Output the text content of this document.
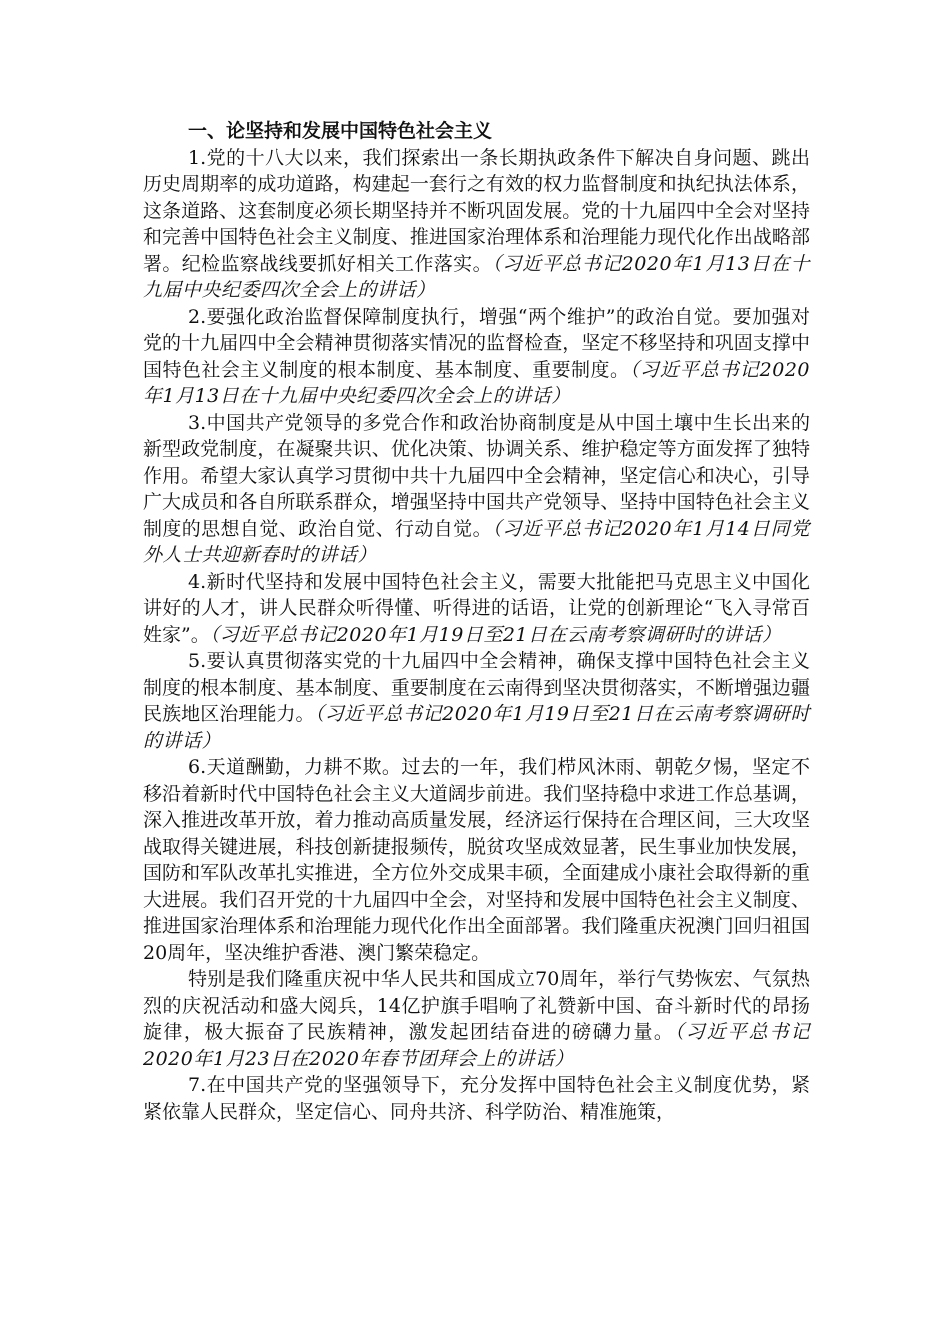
一、论坚持和发展中国特色社会主义

1.党的十八大以来，我们探索出一条长期执政条件下解决自身问题、跳出历史周期率的成功道路，构建起一套行之有效的权力监督制度和执纪执法体系，这条道路、这套制度必须长期坚持并不断巩固发展。党的十九届四中全会对坚持和完善中国特色社会主义制度、推进国家治理体系和治理能力现代化作出战略部署。纪检监察战线要抓好相关工作落实。（习近平总书记2020年1月13日在十九届中央纪委四次全会上的讲话）

2.要强化政治监督保障制度执行，增强“两个维护”的政治自觉。要加强对党的十九届四中全会精神贯彻落实情况的监督检查，坚定不移坚持和巩固支撑中国特色社会主义制度的根本制度、基本制度、重要制度。（习近平总书记2020年1月13日在十九届中央纪委四次全会上的讲话）

3.中国共产党领导的多党合作和政治协商制度是从中国土壤中生长出来的新型政党制度，在凝聚共识、优化决策、协调关系、维护稳定等方面发挥了独特作用。希望大家认真学习贯彻中共十九届四中全会精神，坚定信心和决心，引导广大成员和各自所联系群众，增强坚持中国共产党领导、坚持中国特色社会主义制度的思想自觉、政治自觉、行动自觉。（习近平总书记2020年1月14日同党外人士共迎新春时的讲话）

4.新时代坚持和发展中国特色社会主义，需要大批能把马克思主义中国化讲好的人才，讲人民群众听得懂、听得进的话语，让党的创新理论“飞入寻常百姓家”。（习近平总书记2020年1月19日至21日在云南考察调研时的讲话）

5.要认真贯彻落实党的十九届四中全会精神，确保支撑中国特色社会主义制度的根本制度、基本制度、重要制度在云南得到坚决贯彻落实，不断增强边疆民族地区治理能力。（习近平总书记2020年1月19日至21日在云南考察调研时的讲话）

6.天道酬勤，力耕不欺。过去的一年，我们栉风沐雨、朝乾夕惕，坚定不移沿着新时代中国特色社会主义大道阔步前进。我们坚持稳中求进工作总基调，深入推进改革开放，着力推动高质量发展，经济运行保持在合理区间，三大攻坚战取得关键进展，科技创新捷报频传，脱贫攻坚成效显著，民生事业加快发展，国防和军队改革扎实推进，全方位外交成果丰硕，全面建成小康社会取得新的重大进展。我们召开党的十九届四中全会，对坚持和发展中国特色社会主义制度、推进国家治理体系和治理能力现代化作出全面部署。我们隆重庆祝澳门回归祖国20周年，坚决维护香港、澳门繁荣稳定。

特别是我们隆重庆祝中华人民共和国成立70周年，举行气势恢宏、气氛热烈的庆祝活动和盛大阅兵，14亿护旗手唱响了礼赞新中国、奋斗新时代的昂扬旋律，极大振奋了民族精神，激发起团结奋进的磅礴力量。（习近平总书记2020年1月23日在2020年春节团拜会上的讲话）

7.在中国共产党的坚强领导下，充分发挥中国特色社会主义制度优势，紧紧依靠人民群众，坚定信心、同舟共济、科学防治、精准施策，
